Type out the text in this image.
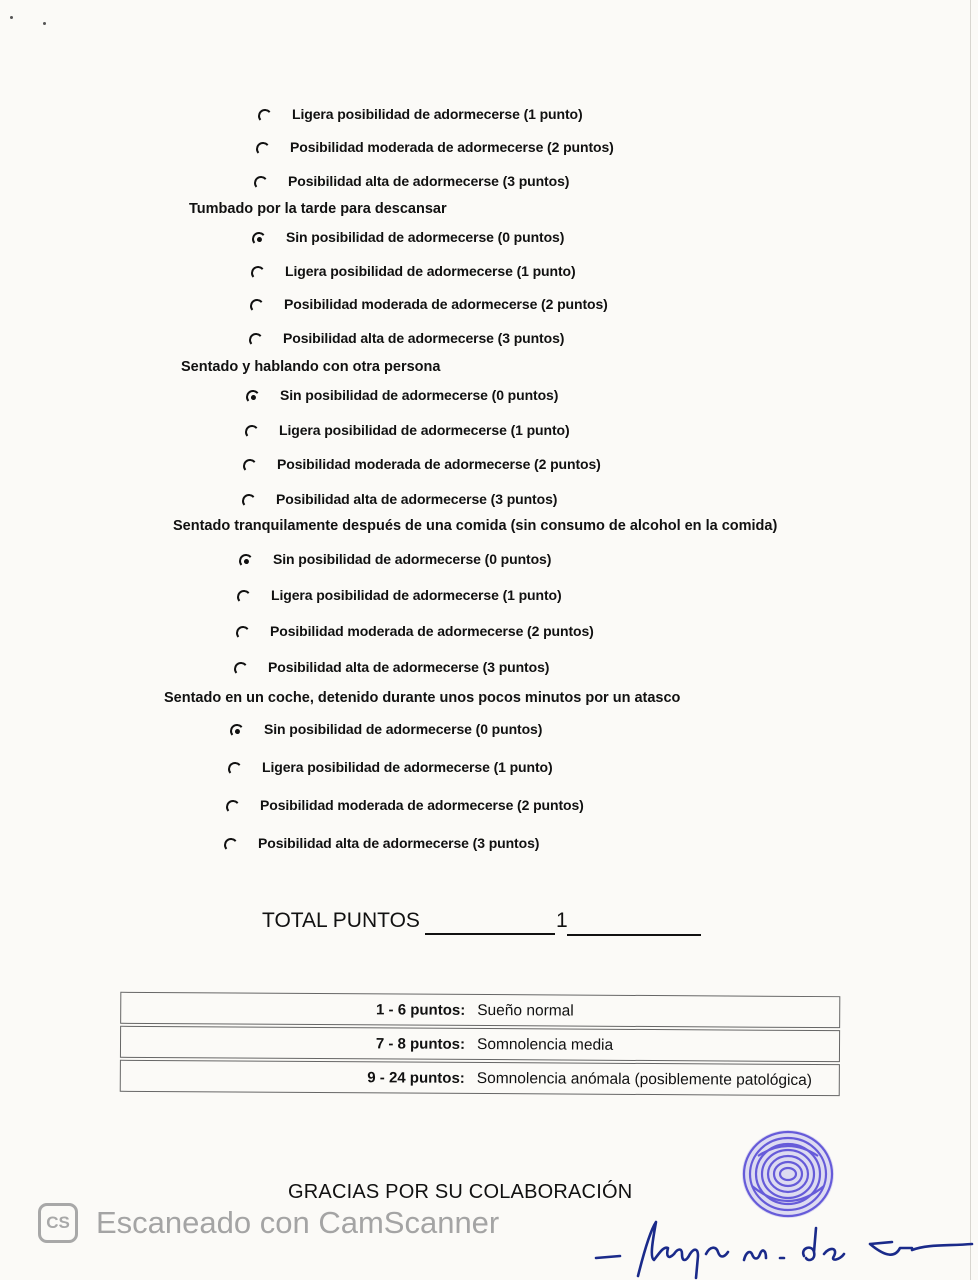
Ligera posibilidad de adormecerse (1 punto)
Posibilidad moderada de adormecerse (2 puntos)
Posibilidad alta de adormecerse (3 puntos)
Tumbado por la tarde para descansar
Sin posibilidad de adormecerse (0 puntos)
Ligera posibilidad de adormecerse (1 punto)
Posibilidad moderada de adormecerse (2 puntos)
Posibilidad alta de adormecerse (3 puntos)
Sentado y hablando con otra persona
Sin posibilidad de adormecerse (0 puntos)
Ligera posibilidad de adormecerse (1 punto)
Posibilidad moderada de adormecerse (2 puntos)
Posibilidad alta de adormecerse (3 puntos)
Sentado tranquilamente después de una comida (sin consumo de alcohol en la comida)
Sin posibilidad de adormecerse (0 puntos)
Ligera posibilidad de adormecerse (1 punto)
Posibilidad moderada de adormecerse (2 puntos)
Posibilidad alta de adormecerse (3 puntos)
Sentado en un coche, detenido durante unos pocos minutos por un atasco
Sin posibilidad de adormecerse (0 puntos)
Ligera posibilidad de adormecerse (1 punto)
Posibilidad moderada de adormecerse (2 puntos)
Posibilidad alta de adormecerse (3 puntos)
TOTAL PUNTOS	1
1 - 6 puntos: Sueño normal
7 - 8 puntos: Somnolencia media
9 - 24 puntos: Somnolencia anómala (posiblemente patológica)
GRACIAS POR SU COLABORACIÓN
CS Escaneado con CamScanner
